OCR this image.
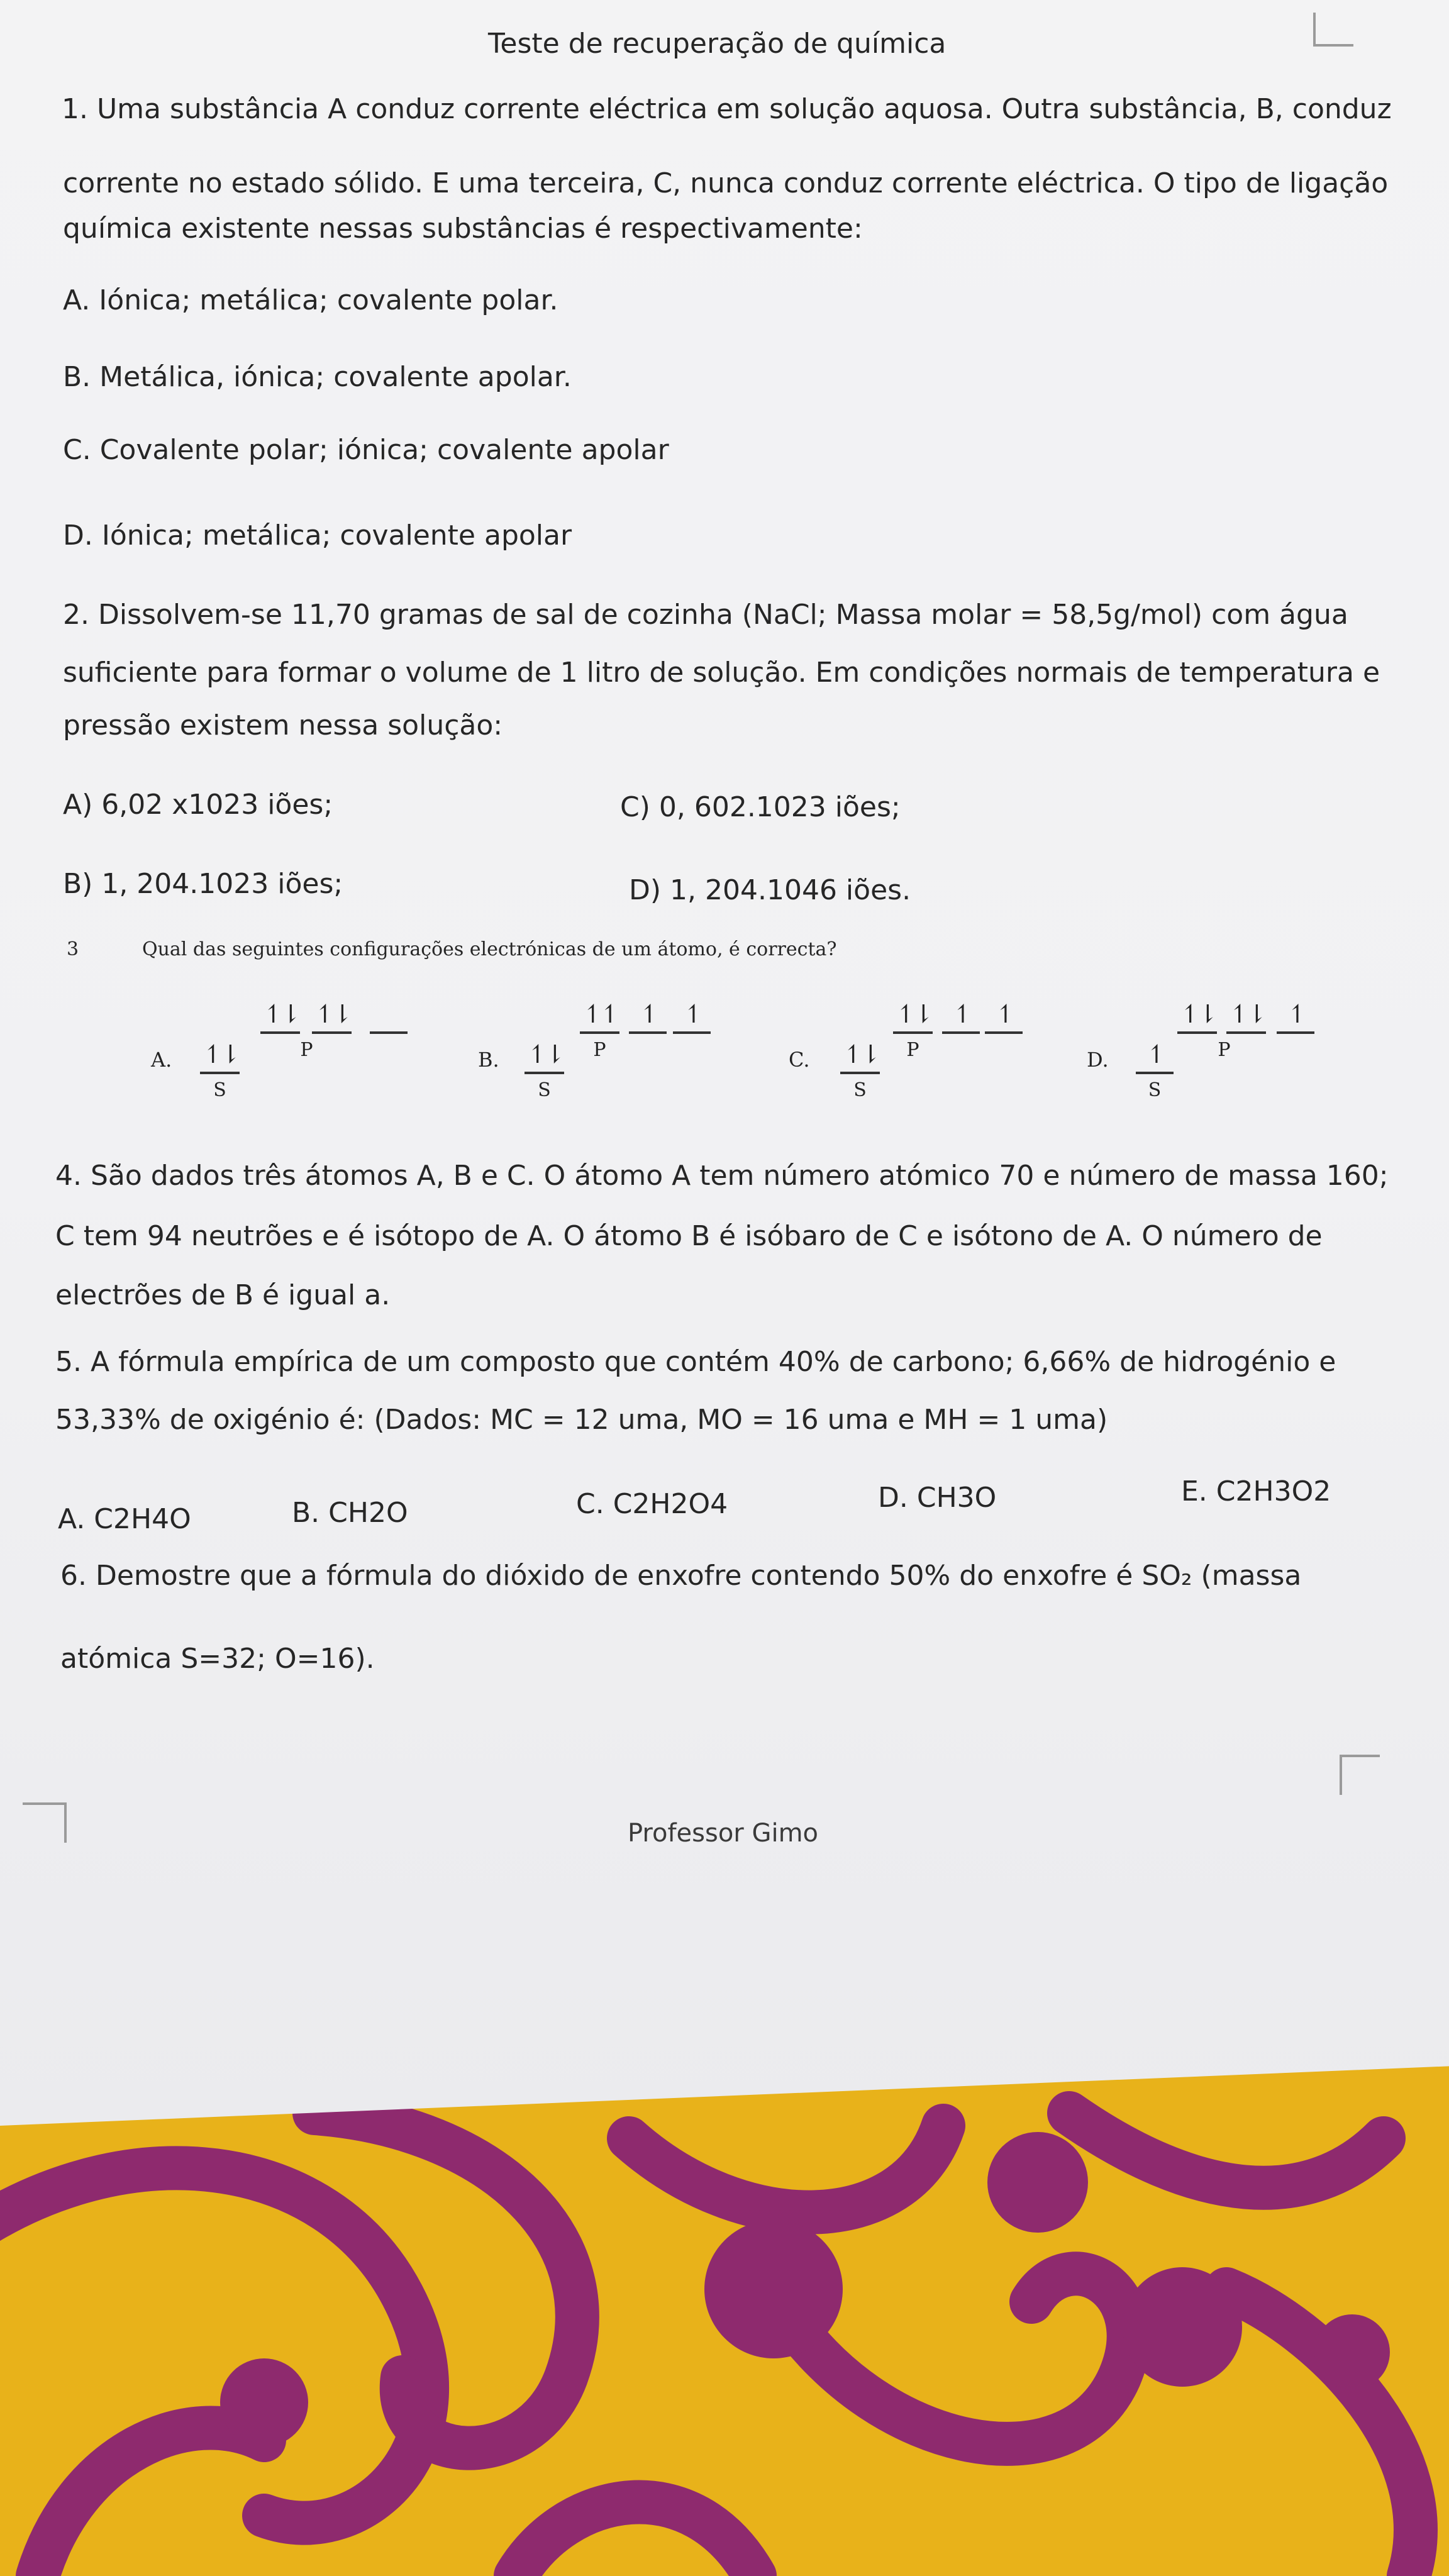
Teste de recuperação de química
1. Uma substância A conduz corrente eléctrica em solução aquosa. Outra substância, B, conduz
corrente no estado sólido. E uma terceira, C, nunca conduz corrente eléctrica. O tipo de ligação
química existente nessas substâncias é respectivamente:
A. Iónica; metálica; covalente polar.
B. Metálica, iónica; covalente apolar.
C. Covalente polar; iónica; covalente apolar
D. Iónica; metálica; covalente apolar
2. Dissolvem-se 11,70 gramas de sal de cozinha (NaCl; Massa molar = 58,5g/mol) com água
suficiente para formar o volume de 1 litro de solução. Em condições normais de temperatura e
pressão existem nessa solução:
A) 6,02 x1023 iões;	C) 0, 602.1023 iões;
B) 1, 204.1023 iões;	D) 1, 204.1046 iões.
3	Qual das seguintes configurações electrónicas de um átomo, é correcta?
A. ↿⇂
S
↿⇂ ↿⇂
P	B. ↿⇂
S
↿↿
P
↿	↿
C. ↿⇂
S
↿⇂
P
↿	↿
D.	↿
S
↿⇂ ↿⇂
P
↿
4. São dados três átomos A, B e C. O átomo A tem número atómico 70 e número de massa 160;
C tem 94 neutrões e é isótopo de A. O átomo B é isóbaro de C e isótono de A. O número de
electrões de B é igual a.
5. A fórmula empírica de um composto que contém 40% de carbono; 6,66% de hidrogénio e
53,33% de oxigénio é: (Dados: MC = 12 uma, MO = 16 uma e MH = 1 uma)
A. C2H4O	B. CH2O	C. C2H2O4	D. CH3O	E. C2H3O2
6. Demostre que a fórmula do dióxido de enxofre contendo 50% do enxofre é SO₂ (massa
atómica S=32; O=16).
Professor Gimo
